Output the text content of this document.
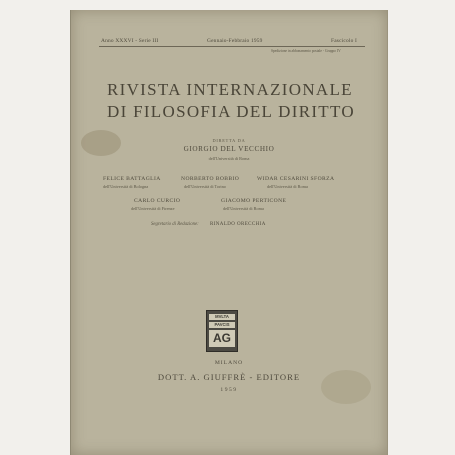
Anno XXXVI - Serie III	Gennaio-Febbraio 1959	Fascicolo I
Spedizione in abbonamento postale - Gruppo IV
RIVISTA INTERNAZIONALE
DI FILOSOFIA DEL DIRITTO
DIRETTA DA
GIORGIO DEL VECCHIO
dell'Università di Roma
FELICE BATTAGLIA
dell'Università di Bologna
NORBERTO BOBBIO
dell'Università di Torino
WIDAR CESARINI SFORZA
dell'Università di Roma
CARLO CURCIO
dell'Università di Firenze
GIACOMO PERTICONE
dell'Università di Roma
Segretario di Redazione: RINALDO ORECCHIA
MVLTA
PAVCIS
AG
MILANO
DOTT. A. GIUFFRÈ - EDITORE
1959
